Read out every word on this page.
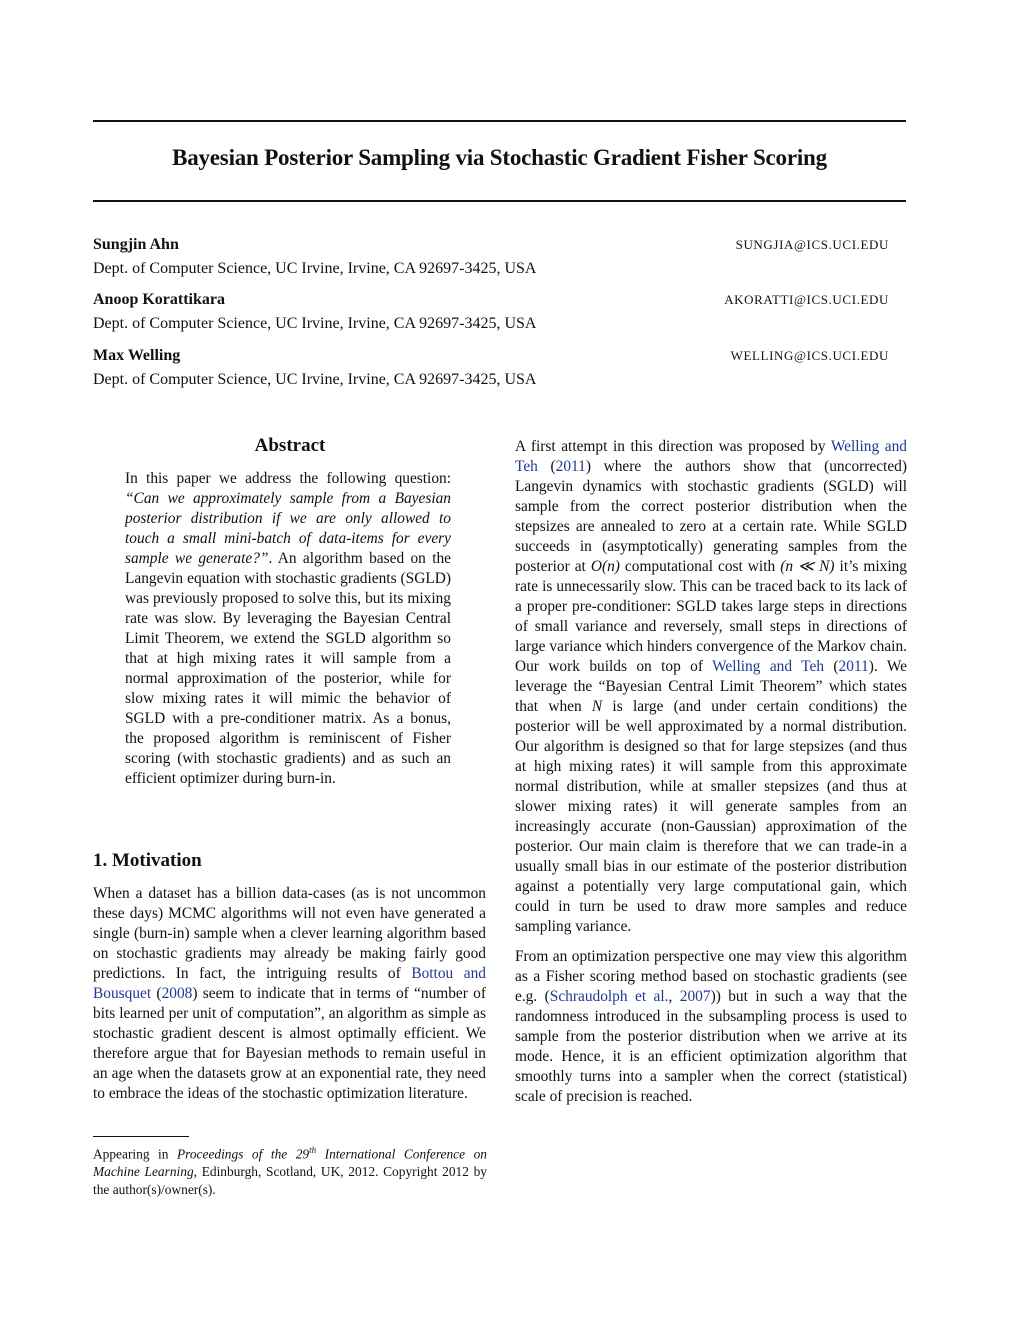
Bayesian Posterior Sampling via Stochastic Gradient Fisher Scoring
Sungjin Ahn	SUNGJIA@ICS.UCI.EDU
Dept. of Computer Science, UC Irvine, Irvine, CA 92697-3425, USA
Anoop Korattikara	AKORATTI@ICS.UCI.EDU
Dept. of Computer Science, UC Irvine, Irvine, CA 92697-3425, USA
Max Welling	WELLING@ICS.UCI.EDU
Dept. of Computer Science, UC Irvine, Irvine, CA 92697-3425, USA
Abstract
In this paper we address the following question: “Can we approximately sample from a Bayesian posterior distribution if we are only allowed to touch a small mini-batch of data-items for every sample we generate?”. An algorithm based on the Langevin equation with stochastic gradients (SGLD) was previously proposed to solve this, but its mixing rate was slow. By leveraging the Bayesian Central Limit Theorem, we extend the SGLD algorithm so that at high mixing rates it will sample from a normal approximation of the posterior, while for slow mixing rates it will mimic the behavior of SGLD with a pre-conditioner matrix. As a bonus, the proposed algorithm is reminiscent of Fisher scoring (with stochastic gradients) and as such an efficient optimizer during burn-in.
1. Motivation

When a dataset has a billion data-cases (as is not uncommon these days) MCMC algorithms will not even have generated a single (burn-in) sample when a clever learning algorithm based on stochastic gradients may already be making fairly good predictions. In fact, the intriguing results of Bottou and Bousquet (2008) seem to indicate that in terms of “number of bits learned per unit of computation”, an algorithm as simple as stochastic gradient descent is almost optimally efficient. We therefore argue that for Bayesian methods to remain useful in an age when the datasets grow at an exponential rate, they need to embrace the ideas of the stochastic optimization literature.

Appearing in Proceedings of the 29th International Conference on Machine Learning, Edinburgh, Scotland, UK, 2012. Copyright 2012 by the author(s)/owner(s).

A first attempt in this direction was proposed by Welling and Teh (2011) where the authors show that (uncorrected) Langevin dynamics with stochastic gradients (SGLD) will sample from the correct posterior distribution when the stepsizes are annealed to zero at a certain rate. While SGLD succeeds in (asymptotically) generating samples from the posterior at O(n) computational cost with (n ≪ N) it’s mixing rate is unnecessarily slow. This can be traced back to its lack of a proper pre-conditioner: SGLD takes large steps in directions of small variance and reversely, small steps in directions of large variance which hinders convergence of the Markov chain. Our work builds on top of Welling and Teh (2011). We leverage the “Bayesian Central Limit Theorem” which states that when N is large (and under certain conditions) the posterior will be well approximated by a normal distribution. Our algorithm is designed so that for large stepsizes (and thus at high mixing rates) it will sample from this approximate normal distribution, while at smaller stepsizes (and thus at slower mixing rates) it will generate samples from an increasingly accurate (non-Gaussian) approximation of the posterior. Our main claim is therefore that we can trade-in a usually small bias in our estimate of the posterior distribution against a potentially very large computational gain, which could in turn be used to draw more samples and reduce sampling variance.

From an optimization perspective one may view this algorithm as a Fisher scoring method based on stochastic gradients (see e.g. (Schraudolph et al., 2007)) but in such a way that the randomness introduced in the subsampling process is used to sample from the posterior distribution when we arrive at its mode. Hence, it is an efficient optimization algorithm that smoothly turns into a sampler when the correct (statistical) scale of precision is reached.
